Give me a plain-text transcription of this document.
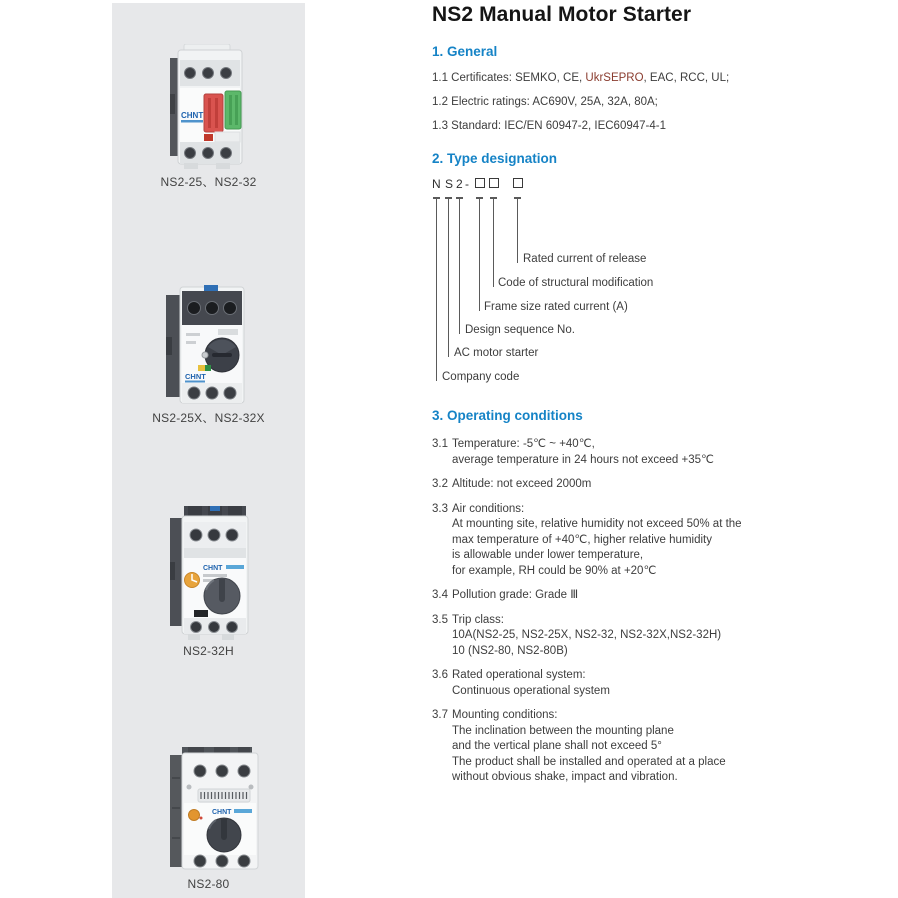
CHNT
NS2-25、NS2-32
CHNT
NS2-25X、NS2-32X
CHNT
NS2-32H
CHNT
NS2-80
NS2 Manual Motor Starter
1. General

1.1 Certificates: SEMKO, CE, UkrSEPRO, EAC, RCC, UL;

1.2 Electric ratings: AC690V, 25A, 32A, 80A;

1.3 Standard: IEC/EN 60947-2, IEC60947-4-1

2. Type designation
N S 2 -
Rated current of release
Code of structural modification
Frame size rated current (A)
Design sequence No.
AC motor starter
Company code
3. Operating conditions
3.1 Temperature: -5℃ ~ +40℃,
average temperature in 24 hours not exceed +35℃
3.2 Altitude: not exceed 2000m
3.3 Air conditions:
At mounting site, relative humidity not exceed 50% at the
max temperature of +40℃, higher relative humidity
is allowable under lower temperature,
for example, RH could be 90% at +20℃
3.4 Pollution grade: Grade Ⅲ
3.5 Trip class:
10A(NS2-25, NS2-25X, NS2-32, NS2-32X,NS2-32H)
10 (NS2-80, NS2-80B)
3.6 Rated operational system:
Continuous operational system
3.7 Mounting conditions:
The inclination between the mounting plane
and the vertical plane shall not exceed 5°
The product shall be installed and operated at a place
without obvious shake, impact and vibration.
